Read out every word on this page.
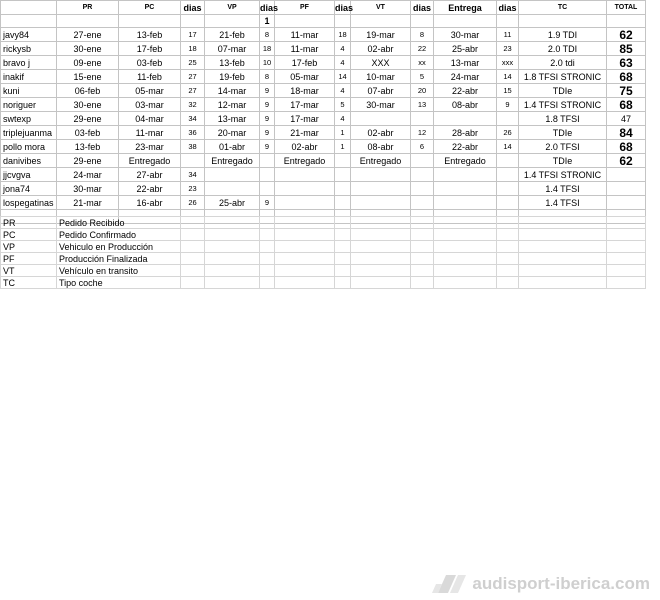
	PR	PC	dias	VP	dias	PF	dias	VT	dias	Entrega	dias	TC	TOTAL
					1								
javy84	27-ene	13-feb	17	21-feb	8	11-mar	18	19-mar	8	30-mar	11	1.9 TDI	62
rickysb	30-ene	17-feb	18	07-mar	18	11-mar	4	02-abr	22	25-abr	23	2.0 TDI	85
bravo j	09-ene	03-feb	25	13-feb	10	17-feb	4	XXX	xx	13-mar	xxx	2.0 tdi	63
inakif	15-ene	11-feb	27	19-feb	8	05-mar	14	10-mar	5	24-mar	14	1.8 TFSI STRONIC	68
kuni	06-feb	05-mar	27	14-mar	9	18-mar	4	07-abr	20	22-abr	15	TDIe	75
noriguer	30-ene	03-mar	32	12-mar	9	17-mar	5	30-mar	13	08-abr	9	1.4 TFSI STRONIC	68
swtexp	29-ene	04-mar	34	13-mar	9	17-mar	4					1.8 TFSI	47
triplejuanma	03-feb	11-mar	36	20-mar	9	21-mar	1	02-abr	12	28-abr	26	TDIe	84
pollo mora	13-feb	23-mar	38	01-abr	9	02-abr	1	08-abr	6	22-abr	14	2.0 TFSI	68
danivibes	29-ene	Entregado		Entregado		Entregado		Entregado		Entregado		TDIe	62
jjcvgva	24-mar	27-abr	34									1.4 TFSI STRONIC	
jona74	30-mar	22-abr	23									1.4 TFSI	
lospegatinas	21-mar	16-abr	26	25-abr	9							1.4 TFSI	

PR	Pedido Recibido											
PC	Pedido Confirmado											
VP	Vehiculo en Producción											
PF	Producción Finalizada											
VT	Vehículo en transito											
TC	Tipo coche											
audisport-iberica.com
